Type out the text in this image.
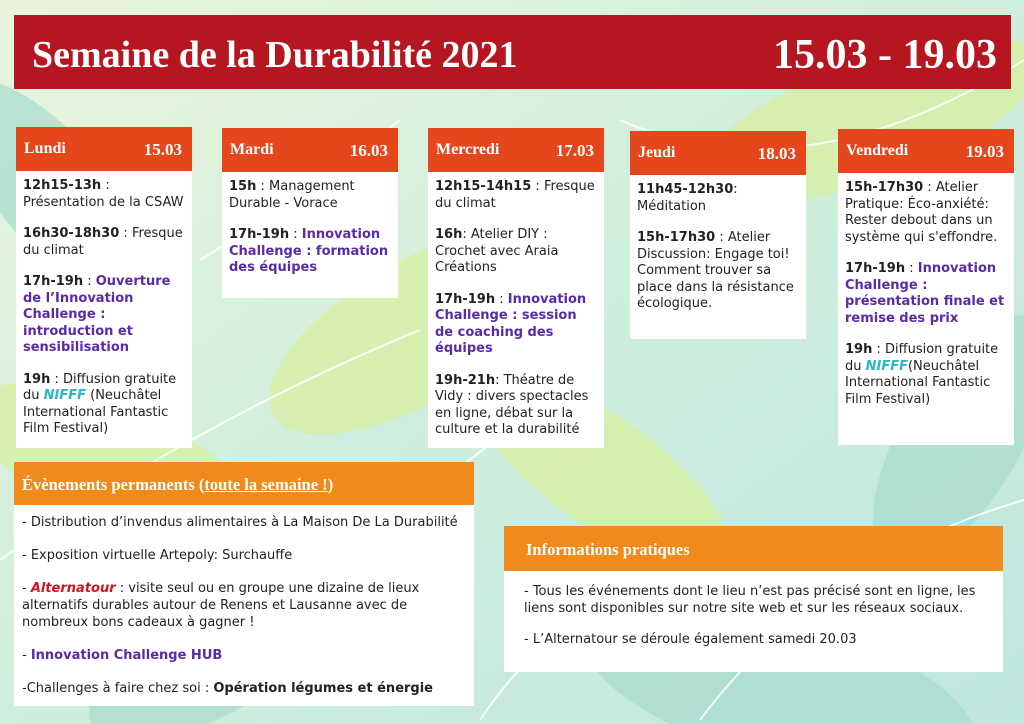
Semaine de la Durabilité 2021	15.03 - 19.03
Lundi	15.03

12h15-13h : Présentation de la CSAW

16h30-18h30 : Fresque du climat

17h-19h : Ouverture de l’Innovation Challenge : introduction et sensibilisation

19h : Diffusion gratuite du NIFFF (Neuchâtel International Fantastic Film Festival)

Mardi	16.03

15h : Management Durable - Vorace

17h-19h : Innovation Challenge : formation des équipes

Mercredi	17.03

12h15-14h15 : Fresque du climat

16h: Atelier DIY : Crochet avec Araia Créations

17h-19h : Innovation Challenge : session de coaching des équipes

19h-21h: Théatre de Vidy : divers spectacles en ligne, débat sur la culture et la durabilité

Jeudi	18.03

11h45-12h30: Méditation

15h-17h30 : Atelier Discussion: Engage toi! Comment trouver sa place dans la résistance écologique.

Vendredi	19.03

15h-17h30 : Atelier Pratique: Éco-anxiété: Rester debout dans un système qui s'effondre.

17h-19h : Innovation Challenge : présentation finale et remise des prix

19h : Diffusion gratuite du NIFFF(Neuchâtel International Fantastic Film Festival)

Évènements permanents (toute la semaine !)

- Distribution d’invendus alimentaires à La Maison De La Durabilité

- Exposition virtuelle Artepoly: Surchauffe

- Alternatour : visite seul ou en groupe une dizaine de lieux alternatifs durables autour de Renens et Lausanne avec de nombreux bons cadeaux à gagner !

- Innovation Challenge HUB

-Challenges à faire chez soi : Opération légumes et énergie

Informations pratiques

- Tous les événements dont le lieu n’est pas précisé sont en ligne, les liens sont disponibles sur notre site web et sur les réseaux sociaux.

- L’Alternatour se déroule également samedi 20.03
